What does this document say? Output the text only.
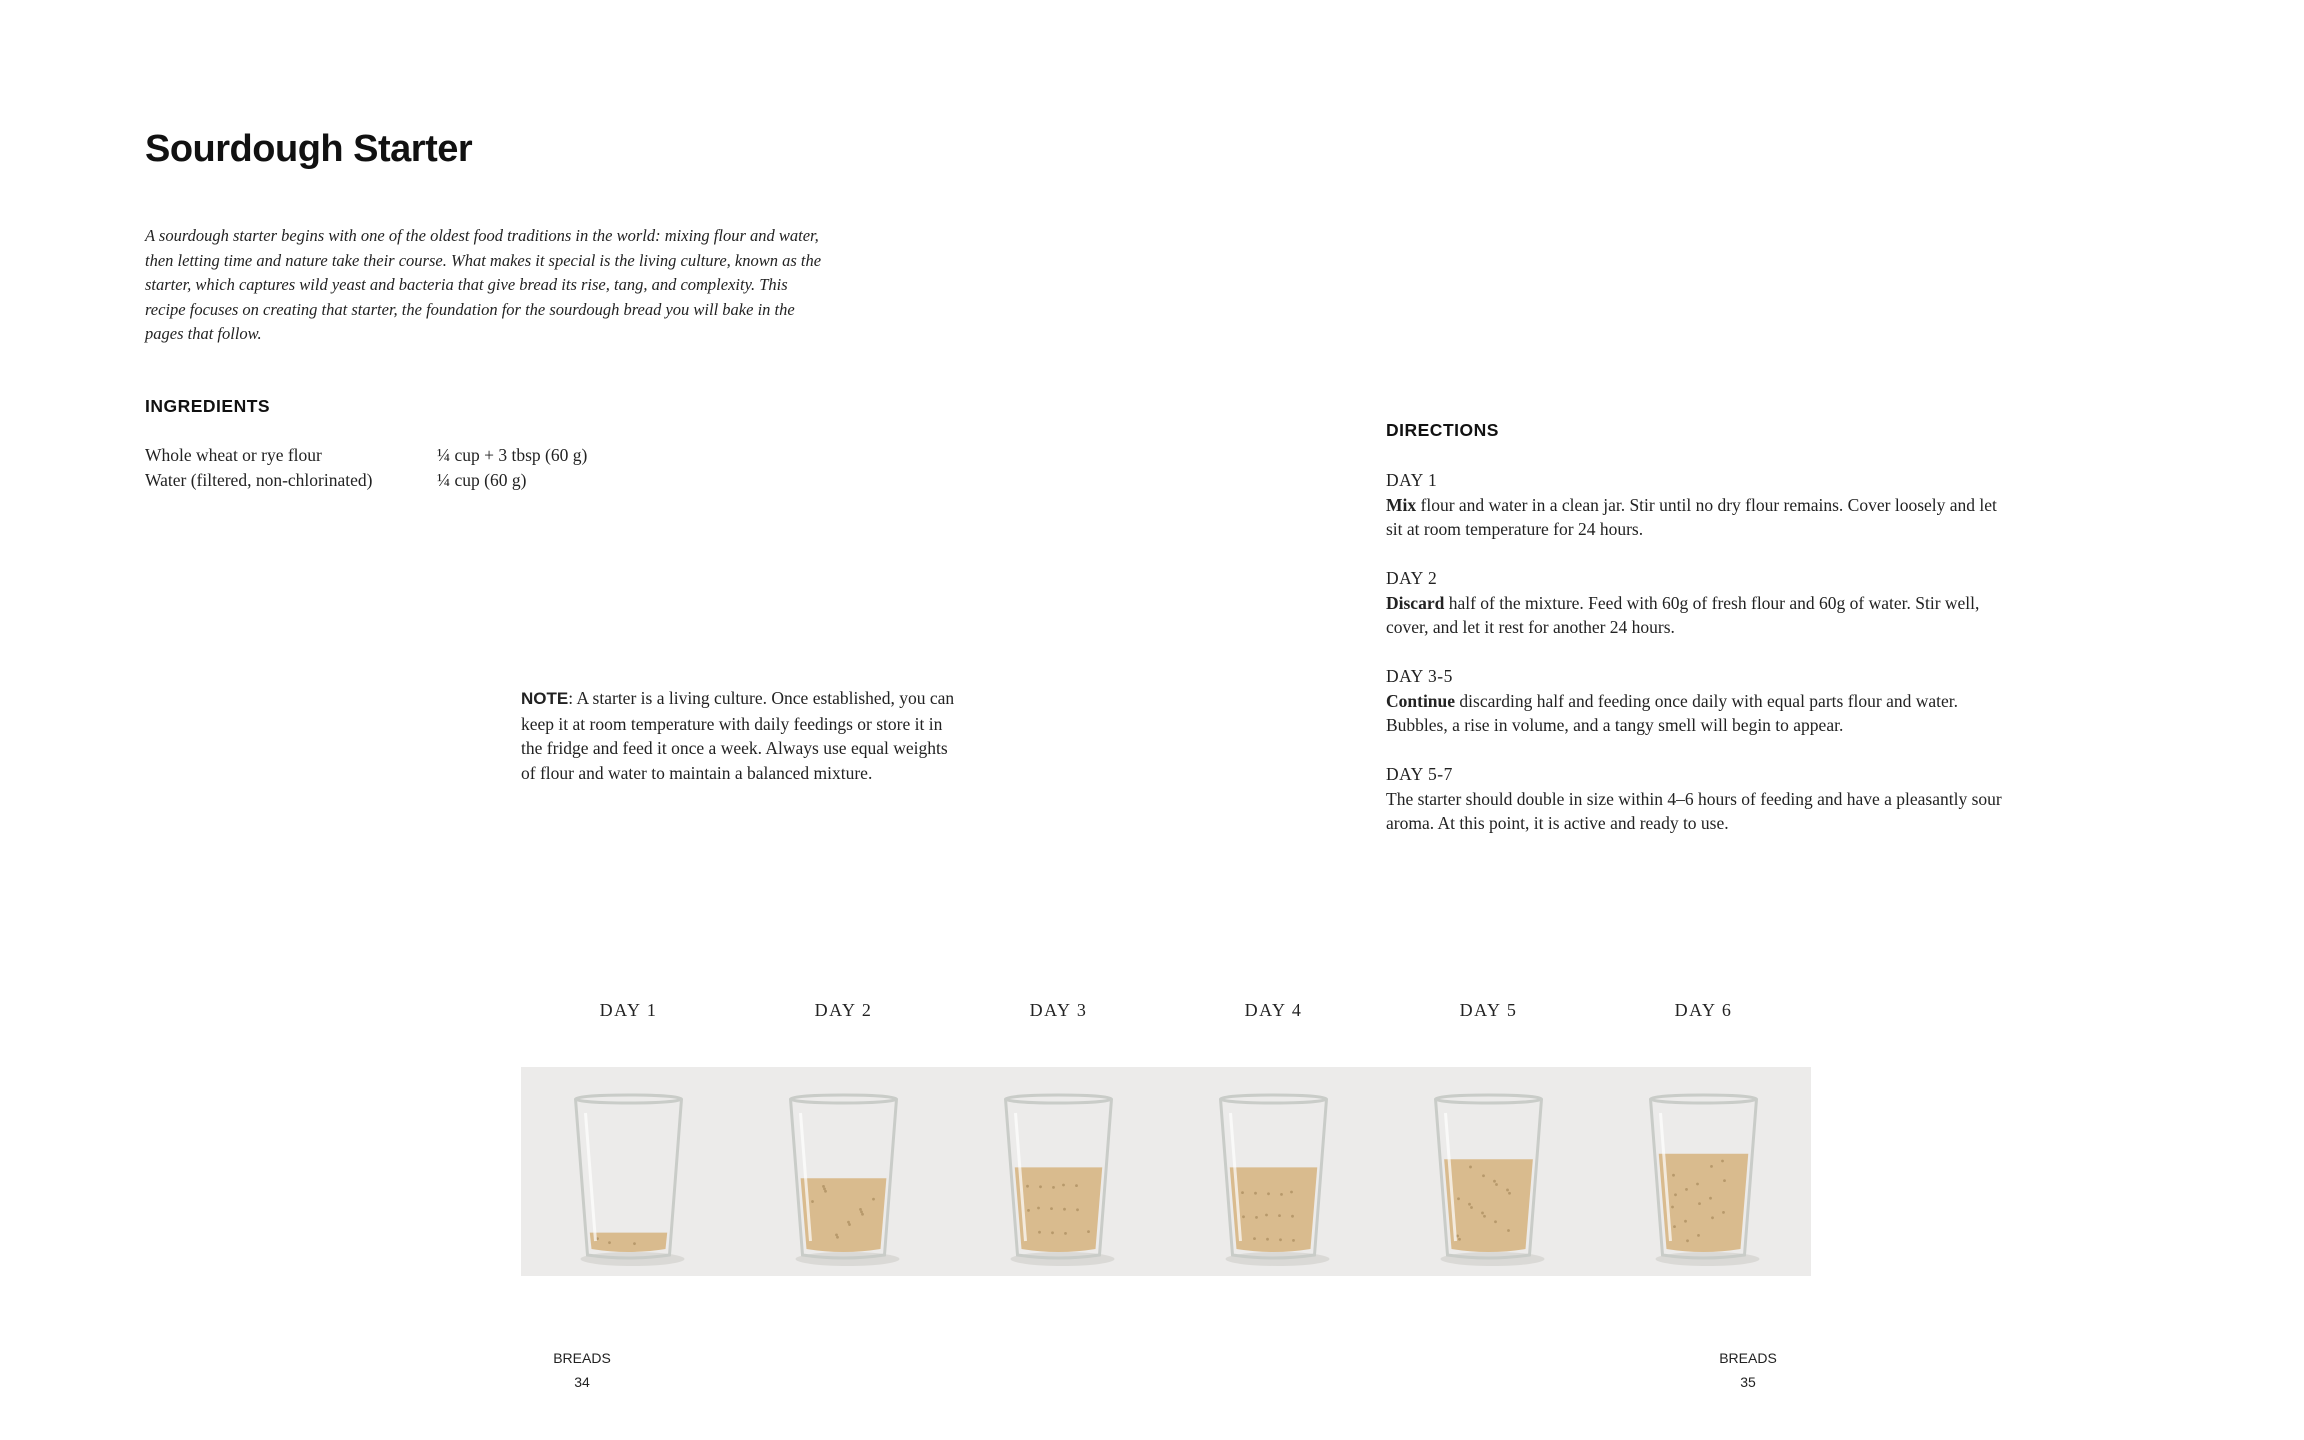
Sourdough Starter
A sourdough starter begins with one of the oldest food traditions in the world: mixing flour and water, then letting time and nature take their course. What makes it special is the living culture, known as the starter, which captures wild yeast and bacteria that give bread its rise, tang, and complexity. This recipe focuses on creating that starter, the foundation for the sourdough bread you will bake in the pages that follow.
INGREDIENTS
Whole wheat or rye flour	¼ cup + 3 tbsp (60 g)
Water (filtered, non-chlorinated)	¼ cup (60 g)
NOTE: A starter is a living culture. Once established, you can keep it at room temperature with daily feedings or store it in the fridge and feed it once a week. Always use equal weights of flour and water to maintain a balanced mixture.
DIRECTIONS
DAY 1
Mix flour and water in a clean jar. Stir until no dry flour remains. Cover loosely and let sit at room temperature for 24 hours.
DAY 2
Discard half of the mixture. Feed with 60g of fresh flour and 60g of water. Stir well, cover, and let it rest for another 24 hours.
DAY 3-5
Continue discarding half and feeding once daily with equal parts flour and water. Bubbles, a rise in volume, and a tangy smell will begin to appear.
DAY 5-7
The starter should double in size within 4–6 hours of feeding and have a pleasantly sour aroma. At this point, it is active and ready to use.
DAY 1	DAY 2	DAY 3	DAY 4	DAY 5	DAY 6
BREADS
34
BREADS
35
